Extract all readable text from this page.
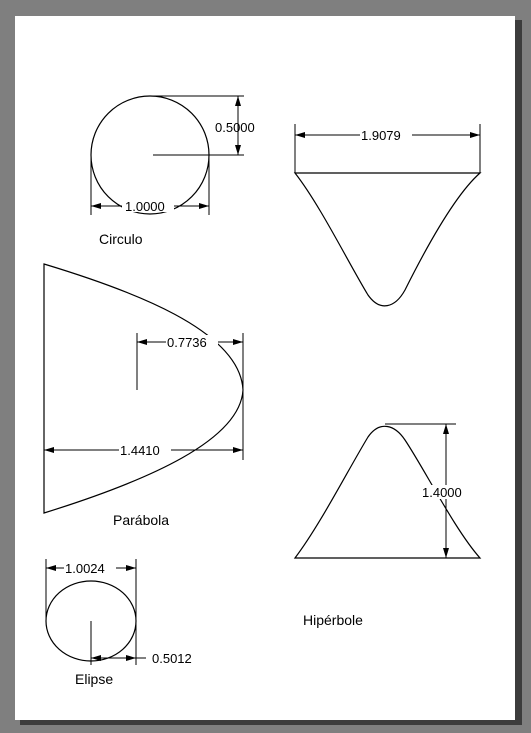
0.5000
1.0000
Circulo
1.9079
0.7736
1.4410
Parábola
1.4000
Hipérbole
1.0024
0.5012
Elipse
